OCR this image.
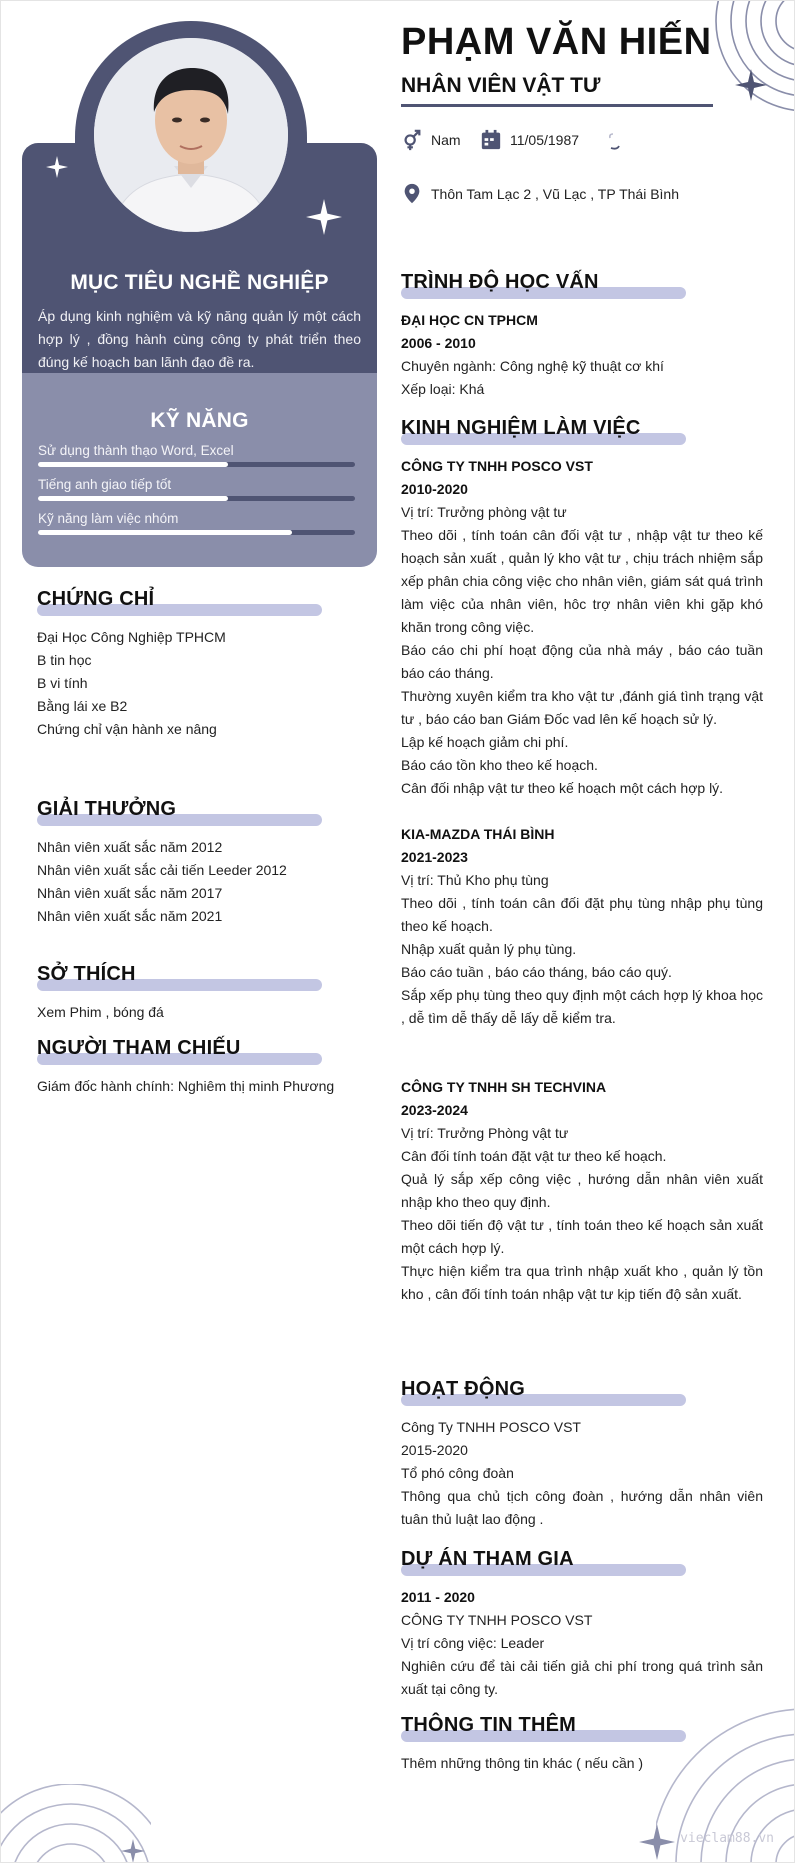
MỤC TIÊU NGHỀ NGHIỆP

Áp dụng kinh nghiệm và kỹ năng quản lý một cách hợp lý , đồng hành cùng công ty phát triển theo đúng kế hoạch ban lãnh đạo đề ra.

KỸ NĂNG
Sử dụng thành thạo Word, Excel
Tiếng anh giao tiếp tốt
Kỹ năng làm việc nhóm
CHỨNG CHỈ
Đại Học Công Nghiệp TPHCM
B tin học
B vi tính
Bằng lái xe B2
Chứng chỉ vận hành xe nâng
GIẢI THƯỞNG
Nhân viên xuất sắc năm 2012
Nhân viên xuất sắc cải tiến Leeder 2012
Nhân viên xuất sắc năm 2017
Nhân viên xuất sắc năm 2021
SỞ THÍCH
Xem Phim , bóng đá
NGƯỜI THAM CHIẾU
Giám đốc hành chính: Nghiêm thị minh Phương
PHẠM VĂN HIẾN
NHÂN VIÊN VẬT TƯ
Nam	11/05/1987
Thôn Tam Lạc 2 , Vũ Lạc , TP Thái Bình
TRÌNH ĐỘ HỌC VẤN
ĐẠI HỌC CN TPHCM
2006 - 2010
Chuyên ngành: Công nghệ kỹ thuật cơ khí
Xếp loại: Khá
KINH NGHIỆM LÀM VIỆC
CÔNG TY TNHH POSCO VST
2010-2020
Vị trí: Trưởng phòng vật tư
Theo dõi , tính toán cân đối vật tư , nhập vật tư theo kế hoạch sản xuất , quản lý kho vật tư , chịu trách nhiệm sắp xếp phân chia công việc cho nhân viên, giám sát quá trình làm việc của nhân viên, hôc trợ nhân viên khi gặp khó khăn trong công việc.
Báo cáo chi phí hoạt động của nhà máy , báo cáo tuần báo cáo tháng.
Thường xuyên kiểm tra kho vật tư ,đánh giá tình trạng vật tư , báo cáo ban Giám Đốc vad lên kế hoạch sử lý.
Lập kế hoạch giảm chi phí.
Báo cáo tồn kho theo kế hoạch.
Cân đối nhập vật tư theo kế hoạch một cách hợp lý.
KIA-MAZDA THÁI BÌNH
2021-2023
Vị trí: Thủ Kho phụ tùng
Theo dõi , tính toán cân đối đặt phụ tùng nhập phụ tùng theo kế hoạch.
Nhập xuất quản lý phụ tùng.
Báo cáo tuần , báo cáo tháng, báo cáo quý.
Sắp xếp phụ tùng theo quy định một cách hợp lý khoa học , dễ tìm dễ thấy dễ lấy dễ kiểm tra.
CÔNG TY TNHH SH TECHVINA
2023-2024
Vị trí: Trưởng Phòng vật tư
Cân đối tính toán đặt vật tư theo kế hoạch.
Quả lý sắp xếp công việc , hướng dẫn nhân viên xuất nhập kho theo quy định.
Theo dõi tiến độ vật tư , tính toán theo kế hoạch sản xuất một cách hợp lý.
Thực hiện kiểm tra qua trình nhập xuất kho , quản lý tồn kho , cân đối tính toán nhập vật tư kịp tiến độ sản xuất.
HOẠT ĐỘNG
Công Ty TNHH POSCO VST
2015-2020
Tổ phó công đoàn
Thông qua chủ tịch công đoàn , hướng dẫn nhân viên tuân thủ luật lao động .
DỰ ÁN THAM GIA
2011 - 2020
CÔNG TY TNHH POSCO VST
Vị trí công việc: Leader
Nghiên cứu để tài cải tiến giả chi phí trong quá trình sản xuất tại công ty.
THÔNG TIN THÊM
Thêm những thông tin khác ( nếu cần )
vieclam88.vn
